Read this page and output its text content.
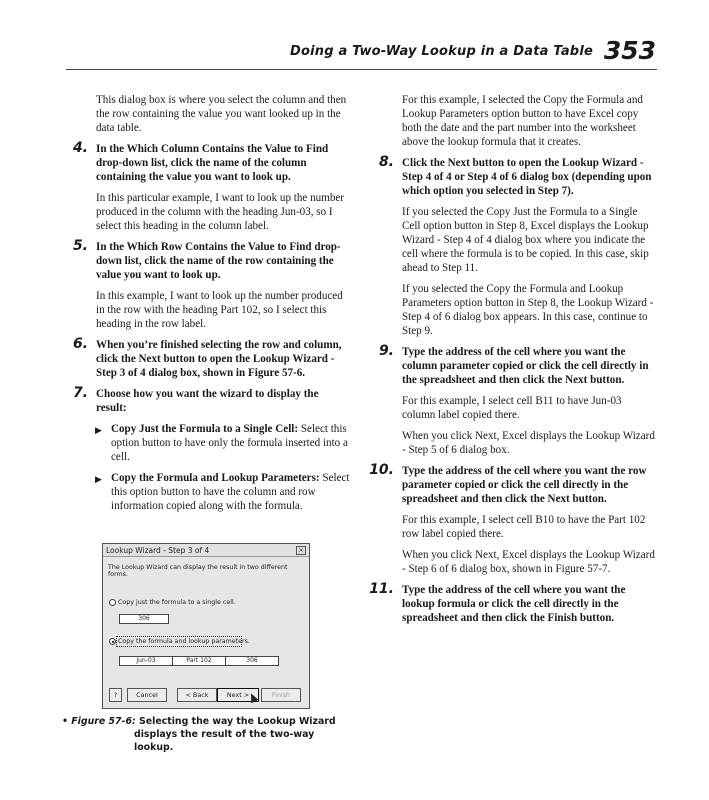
Doing a Two-Way Lookup in a Data Table 353

This dialog box is where you select the column and then the row containing the value you want looked up in the data table.

4. In the Which Column Contains the Value to Find drop-down list, click the name of the column containing the value you want to look up.

In this particular example, I want to look up the number produced in the column with the heading Jun-03, so I select this heading in the column label.

5. In the Which Row Contains the Value to Find drop-down list, click the name of the row containing the value you want to look up.

In this example, I want to look up the number produced in the row with the heading Part 102, so I select this heading in the row label.

6. When you’re finished selecting the row and column, click the Next button to open the Lookup Wizard - Step 3 of 4 dialog box, shown in Figure 57-6.
7. Choose how you want the wizard to display the result:
▶ Copy Just the Formula to a Single Cell: Select this option button to have only the formula inserted into a cell.
▶ Copy the Formula and Lookup Parameters: Select this option button to have the column and row information copied along with the formula.
Lookup Wizard - Step 3 of 4	×
The Lookup Wizard can display the result in two different forms.
Copy just the formula to a single cell.
306
Copy the formula and lookup parameters.
Jun-03	Part 102	306
?	Cancel	< Back	Next >	Finish
• Figure 57-6: Selecting the way the Lookup Wizard
displays the result of the two-way lookup.

For this example, I selected the Copy the Formula and Lookup Parameters option button to have Excel copy both the date and the part number into the worksheet above the lookup formula that it creates.

8. Click the Next button to open the Lookup Wizard - Step 4 of 4 or Step 4 of 6 dialog box (depending upon which option you selected in Step 7).

If you selected the Copy Just the Formula to a Single Cell option button in Step 8, Excel displays the Lookup Wizard - Step 4 of 4 dialog box where you indicate the cell where the formula is to be copied. In this case, skip ahead to Step 11.

If you selected the Copy the Formula and Lookup Parameters option button in Step 8, the Lookup Wizard - Step 4 of 6 dialog box appears. In this case, continue to Step 9.

9. Type the address of the cell where you want the column parameter copied or click the cell directly in the spreadsheet and then click the Next button.

For this example, I select cell B11 to have Jun-03 column label copied there.

When you click Next, Excel displays the Lookup Wizard - Step 5 of 6 dialog box.

10. Type the address of the cell where you want the row parameter copied or click the cell directly in the spreadsheet and then click the Next button.

For this example, I select cell B10 to have the Part 102 row label copied there.

When you click Next, Excel displays the Lookup Wizard - Step 6 of 6 dialog box, shown in Figure 57-7.

11. Type the address of the cell where you want the lookup formula or click the cell directly in the spreadsheet and then click the Finish button.
